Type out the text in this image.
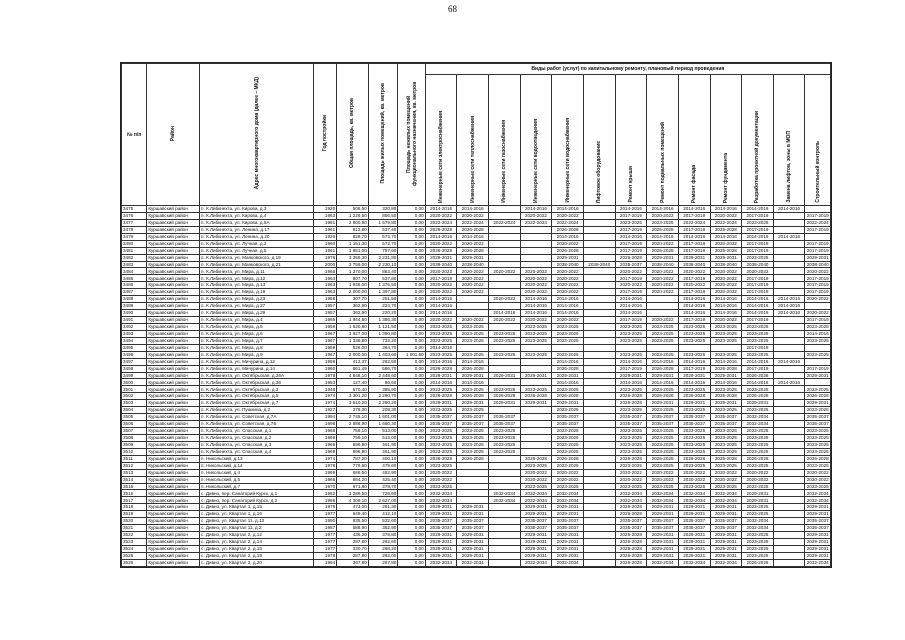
68
№ п/п	Район	Адрес многоквартирного дома (далее – МКД)	Год постройки	Общая площадь, кв. метров	Площадь жилых помещений, кв. метров	Площадь нежилых помещений функционального назначения, кв. метров	Виды работ (услуг) по капитальному ремонту, плановый период проведения												
							Инженерные сети электроснабжения	Инженерные сети теплоснабжения	Инженерные сети газоснабжения	Инженерные сети водоотведения	Инженерные сети водоснабжения	Лифтовое оборудование	Ремонт крыши	Ремонт подвальных помещений	Ремонт фасада	Ремонт фундамента	Разработка проектной документации	Замена лифтов, зоны в МОП	Строительный контроль
3475	Куршавский район	п. К.Либкнехта, ул. Кирова, д.3	1920	506,50	320,80	0,00	2014-2016	2014-2016		2014-2016	2014-2016		2014-2016	2014-2016	2014-2016	2014-2016	2014-2016	2014-2016	
3476	Куршавский район	п. К.Либкнехта, ул. Кирова, д.4	1963	1 229,50	856,50	0,00	2020-2022	2020-2022		2020-2022	2020-2022		2017-2019	2020-2022	2017-2019	2020-2022	2017-2019		2017-2019
3477	Куршавский район	п. К.Либкнехта, ул. Кирова, д.5А	1981	2 800,90	1 579,80	0,00	2022-2024	2022-2024	2022-2024	2022-2024	2022-2024		2023-2025	2023-2025	2022-2024	2022-2024	2023-2025		2022-2024
3478	Куршавский район	п. К.Либкнехта, ул. Ленина, д.17	1961	812,80	537,40	0,00	2026-2028	2026-2028			2026-2028		2017-2019	2026-2028	2017-2019	2026-2028	2017-2019		2017-2019
3479	Куршавский район	п. К.Либкнехта, ул. Ленина, д.20	1926	828,70	673,70	0,00	2014-2016	2014-2016			2014-2016		2014-2016	2014-2016	2014-2016	2014-2016	2014-2016	2014-2016	
3480	Куршавский район	п. К.Либкнехта, ул. Лучная, д.3	1960	1 151,30	572,70	0,00	2020-2022	2020-2022			2020-2022		2017-2019	2020-2022	2017-2019	2020-2022	2017-2019		2017-2019
3481	Куршавский район	п. К.Либкнехта, ул. Лучная, д.5	1961	1 951,00	757,60	0,00	2026-2028	2026-2028			2026-2028		2017-2019	2026-2028	2017-2019	2026-2028	2017-2019		2017-2019
3482	Куршавский район	п. К.Либкнехта, ул. Маяковского, д.19	1976	3 359,30	2 231,80	0,00	2029-2031	2029-2031			2029-2031		2026-2028	2029-2031	2029-2031	2029-2031	2023-2025		2029-2031
3483	Куршавский район	п. К.Либкнехта, ул. Маяковского, д.21	2000	3 759,00	2 230,10	0,00	2038-2040	2038-2040			2038-2040	2038-2040	2035-2037	2038-2040	2038-2040	2038-2040	2038-2040		2038-2040
3484	Куршавский район	п. К.Либкнехта, ул. Мира, д.11	1966	1 370,00	863,40	0,00	2020-2022	2020-2022	2020-2022	2020-2022	2020-2022		2020-2022	2020-2022	2020-2022	2020-2022	2020-2022		2020-2022
3485	Куршавский район	п. К.Либкнехта, ул. Мира, д.12	1963	807,70	537,80	0,00	2017-2019	2020-2022		2020-2022	2020-2022		2017-2019	2020-2022	2017-2019	2020-2022	2017-2019		2017-2019
3486	Куршавский район	п. К.Либкнехта, ул. Мира, д.13	1963	1 936,00	1 376,50	0,00	2020-2022	2020-2022		2020-2022	2020-2022		2020-2022	2020-2022	2020-2022	2020-2022	2017-2019		2017-2019
3487	Куршавский район	п. К.Либкнехта, ул. Мира, д.19	1963	2 000,00	1 397,80	0,00	2020-2022	2020-2022		2020-2022	2020-2022		2017-2019	2020-2022	2017-2019	2020-2022	2017-2019		2017-2019
3488	Куршавский район	п. К.Либкнехта, ул. Мира, д.23	1958	307,70	251,50	0,00	2014-2016		2020-2022	2014-2016	2014-2016		2014-2016		2014-2016	2014-2016	2014-2016	2014-2016	2020-2022
3489	Куршавский район	п. К.Либкнехта, ул. Мира, д.27	1957	362,90	224,70	0,00	2014-2016			2014-2016	2014-2016		2014-2016		2014-2016	2014-2016	2014-2016	2014-2016	
3490	Куршавский район	п. К.Либкнехта, ул. Мира, д.29	1957	362,90	220,20	0,00	2014-2016		2014-2016	2014-2016	2014-2016		2014-2016		2014-2016	2014-2016	2014-2016	2014-2016	2020-2022
3491	Куршавский район	п. К.Либкнехта, ул. Мира, д.4	1966	1 944,50	1 386,30	0,00	2020-2022	2020-2022	2020-2022	2020-2022	2020-2022		2017-2019	2020-2022	2017-2019	2020-2022	2017-2019		2017-2019
3492	Куршавский район	п. К.Либкнехта, ул. Мира, д.5	1959	1 530,80	1 121,50	0,00	2023-2025	2023-2025		2023-2025	2023-2025		2023-2025	2023-2025	2023-2025	2023-2025	2023-2025		2023-2025
3493	Куршавский район	п. К.Либкнехта, ул. Мира, д.6	1967	1 927,00	1 350,80	0,00	2023-2025	2023-2025	2023-2025	2023-2025	2023-2025		2023-2025	2023-2025	2023-2025	2023-2025	2023-2025		2014-2016
3494	Куршавский район	п. К.Либкнехта, ул. Мира, д.7	1967	1 338,80	733,20	0,00	2023-2025	2023-2025	2023-2025	2023-2025	2023-2025		2023-2025	2023-2025	2023-2025	2023-2025	2023-2025		2023-2025
3495	Куршавский район	п. К.Либкнехта, ул. Мира, д.8	1959	526,00	364,70	0,00	2014-2016										2017-2019		
3496	Куршавский район	п. К.Либкнехта, ул. Мира, д.9	1967	2 000,00	1 403,60	1 001,60	2023-2025	2023-2025	2023-2025	2023-2025	2023-2025		2023-2025	2023-2025	2023-2025	2023-2025	2023-2025		2023-2025
3497	Куршавский район	п. К.Либкнехта, ул. Мичурина, д.12	1959	412,37	262,50	0,00	2014-2016	2014-2016			2014-2016		2014-2016	2014-2016	2014-2016	2014-2016	2014-2016	2014-2016	
3498	Куршавский район	п. К.Либкнехта, ул. Мичурина, д.14	1960	861,49	586,70	0,00	2026-2028	2026-2028			2026-2028		2017-2019	2026-2028	2017-2019	2026-2028	2017-2019		2017-2019
3499	Куршавский район	п. К.Либкнехта, ул. Октябрьская, д.26А	1978	4 648,10	2 448,60	0,00	2029-2031	2029-2031	2029-2031	2029-2031	2029-2031		2029-2031	2029-2031	2029-2031	2029-2031	2026-2028		2029-2031
3500	Куршавский район	п. К.Либкнехта, ул. Октябрьская, д.36	1953	127,40	86,60	0,00	2014-2016	2014-2016			2014-2016		2014-2016	2014-2016	2014-2016	2014-2016	2014-2016	2014-2016	
3501	Куршавский район	п. К.Либкнехта, ул. Октябрьская, д.3	1948	570,40	385,90	0,00	2023-2025	2023-2025	2023-2025	2023-2025	2023-2025		2023-2025	2023-2025	2023-2025	2023-2025	2023-2025		2023-2025
3502	Куршавский район	п. К.Либкнехта, ул. Октябрьская, д.5	1974	3 301,20	2 290,70	0,00	2026-2028	2026-2028	2026-2028	2026-2028	2026-2028		2026-2028	2026-2028	2026-2028	2026-2028	2026-2028		2026-2028
3503	Куршавский район	п. К.Либкнехта, ул. Октябрьская, д.7	1974	3 510,20	2 260,20	0,00	2029-2031	2029-2031	2029-2031	2029-2031	2029-2031		2026-2028	2029-2031	2029-2031	2029-2031	2029-2031		2029-2031
3504	Куршавский район	п. К.Либкнехта, ул. Пушкина, д.2	1927	378,30	208,30	0,00	2023-2025	2023-2025			2023-2025		2023-2025	2023-2025	2023-2025	2023-2025	2023-2025		2023-2025
3505	Куршавский район	п. К.Либкнехта, ул. Советская, д.7А	1994	2 745,10	1 601,00	0,00	2035-2037	2035-2037	2035-2037		2035-2037		2035-2037	2035-2037	2035-2037	2035-2037	2032-2034		2035-2037
3506	Куршавский район	п. К.Либкнехта, ул. Советская, д.7Б	1998	2 888,90	1 660,30	0,00	2035-2037	2035-2037	2035-2037		2035-2037		2035-2037	2035-2037	2035-2037	2035-2037	2032-2034		2035-2037
3507	Куршавский район	п. К.Либкнехта, ул. Спасская, д.1	1968	759,10	513,00	0,00	2023-2025	2023-2025	2023-2025		2023-2025		2023-2025	2023-2025	2023-2025	2023-2025	2023-2025		2023-2025
3508	Куршавский район	п. К.Либкнехта, ул. Спасская, д.2	1969	759,10	513,00	0,00	2023-2025	2023-2025	2023-2025		2023-2025		2023-2025	2023-2025	2023-2025	2023-2025	2023-2025		2023-2025
3509	Куршавский район	п. К.Либкнехта, ул. Спасская, д.3	1969	696,90	461,90	0,00	2023-2025	2023-2025	2023-2025		2023-2025		2023-2025	2023-2025	2023-2025	2023-2025	2023-2025		2023-2025
3510	Куршавский район	п. К.Либкнехта, ул. Спасская, д.4	1969	696,90	461,90	0,00	2023-2025	2023-2025	2023-2025		2023-2025		2023-2025	2023-2025	2023-2025	2023-2025	2023-2025		2023-2025
3511	Куршавский район	п. Никольский, д.13	1974	787,20	400,10	0,00	2026-2028	2026-2028		2026-2028	2026-2028		2026-2028	2026-2028	2026-2028	2026-2028	2026-2028		2026-2028
3512	Куршавский район	п. Никольский, д.14	1978	779,60	479,60	0,00	2023-2025			2023-2025	2023-2025		2023-2025	2023-2025	2023-2025	2023-2025	2023-2025		2023-2025
3513	Куршавский район	п. Никольский, д.4	1969	689,50	452,90	0,00	2020-2022			2020-2022	2020-2022		2020-2022	2020-2022	2020-2022	2020-2022	2020-2022		2020-2022
3514	Куршавский район	п. Никольский, д.5	1966	684,20	425,40	0,00	2020-2022			2020-2022	2020-2022		2020-2022	2020-2022	2020-2022	2020-2022	2020-2022		2020-2022
3515	Куршавский район	п. Никольский, д.7	1970	671,80	378,70	0,00	2023-2025			2023-2025	2023-2025		2023-2025	2023-2025	2023-2025	2023-2025	2023-2025		2023-2025
3516	Куршавский район	с. Дивно, пер. Санаторий Курск, д.1	1982	1 289,50	726,60	0,00	2032-2034		2032-2034	2032-2034	2032-2034		2032-2034	2032-2034	2032-2034	2032-2034	2029-2031		2032-2034
3517	Куршавский район	с. Дивно, пер. Санаторий Курск, д.2	1986	4 309,10	2 627,00	0,00	2032-2034		2032-2034	2032-2034	2032-2034		2032-2034	2032-2034	2032-2034	2032-2034	2029-2031		2032-2034
3518	Куршавский район	с. Дивно, ул. Квартал 1, д.15	1978	473,00	261,30	0,00	2029-2031	2029-2031		2029-2031	2029-2031		2026-2028	2029-2031	2029-2031	2029-2031	2023-2025		2029-2031
3519	Куршавский район	с. Дивно, ул. Квартал 1, д.16	1977	649,40	412,10	0,00	2029-2031	2029-2031		2029-2031	2029-2031		2026-2028	2029-2031	2029-2031	2029-2031	2023-2025		2029-2031
3520	Куршавский район	с. Дивно, ул. Квартал 11, д.13	1990	835,50	532,60	0,00	2035-2037	2035-2037		2035-2037	2035-2037		2035-2037	2035-2037	2035-2037	2035-2037	2032-2034		2035-2037
3521	Куршавский район	с. Дивно, ул. Квартал 11, д.2	1987	588,90	352,90	0,00	2035-2037	2035-2037		2035-2037	2035-2037		2035-2037	2035-2037	2035-2037	2035-2037	2032-2034		2035-2037
3522	Куршавский район	с. Дивно, ул. Квартал 2, д.12	1977	436,20	378,80	0,00	2029-2031	2029-2031		2029-2031	2029-2031		2026-2028	2029-2031	2029-2031	2029-2031	2023-2025		2029-2031
3523	Куршавский район	с. Дивно, ул. Квартал 2, д.14	1977	287,80	262,60	0,00	2029-2031	2029-2031		2029-2031	2029-2031		2026-2028	2029-2031	2029-2031	2029-2031	2023-2025		2029-2031
3524	Куршавский район	с. Дивно, ул. Квартал 2, д.15	1977	330,70	268,20	0,00	2029-2031	2029-2031		2029-2031	2029-2031		2026-2028	2029-2031	2029-2031	2029-2031	2023-2025		2029-2031
3525	Куршавский район	с. Дивно, ул. Квартал 2, д.19	1978	287,80	262,00	0,00	2029-2031	2029-2031		2029-2031	2029-2031		2026-2028	2029-2031	2029-2031	2029-2031	2023-2025		2029-2031
3526	Куршавский район	с. Дивно, ул. Квартал 3, д.20	1964	367,80	267,80	0,00	2032-2034	2032-2034		2032-2034	2032-2034		2026-2028	2032-2034	2032-2034	2032-2034	2026-2028		2032-2034
